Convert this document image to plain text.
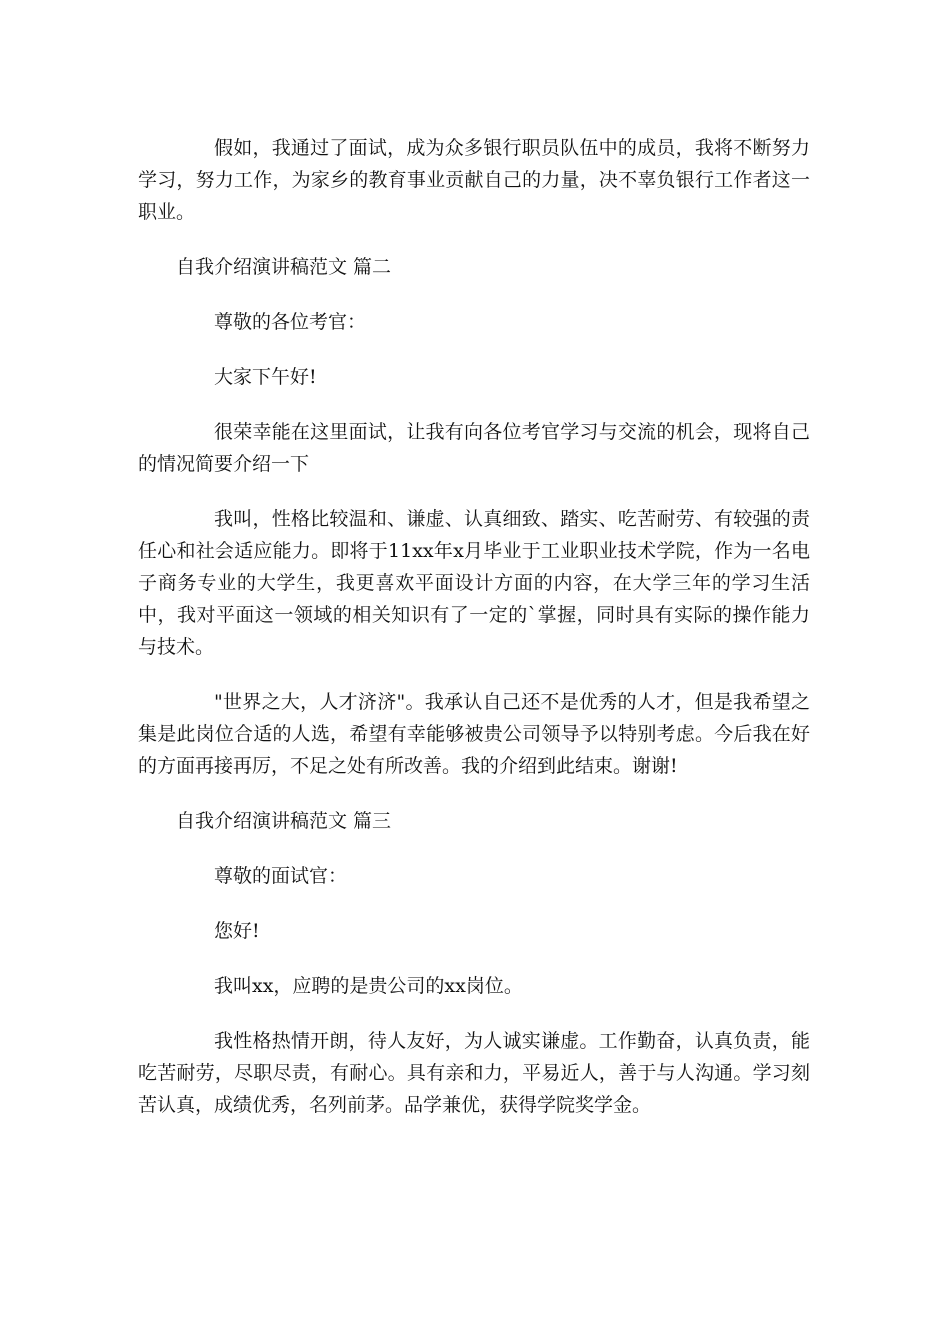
假如，我通过了面试，成为众多银行职员队伍中的成员，我将不断努力学习，努力工作，为家乡的教育事业贡献自己的力量，决不辜负银行工作者这一职业。

自我介绍演讲稿范文 篇二

尊敬的各位考官：

大家下午好!

很荣幸能在这里面试，让我有向各位考官学习与交流的机会，现将自己的情况简要介绍一下

我叫，性格比较温和、谦虚、认真细致、踏实、吃苦耐劳、有较强的责任心和社会适应能力。即将于11xx年x月毕业于工业职业技术学院，作为一名电子商务专业的大学生，我更喜欢平面设计方面的内容，在大学三年的学习生活中，我对平面这一领域的相关知识有了一定的`掌握，同时具有实际的操作能力与技术。

"世界之大，人才济济"。我承认自己还不是优秀的人才，但是我希望之集是此岗位合适的人选，希望有幸能够被贵公司领导予以特别考虑。今后我在好的方面再接再厉，不足之处有所改善。我的介绍到此结束。谢谢!

自我介绍演讲稿范文 篇三

尊敬的面试官：

您好!

我叫xx，应聘的是贵公司的xx岗位。

我性格热情开朗，待人友好，为人诚实谦虚。工作勤奋，认真负责，能吃苦耐劳，尽职尽责，有耐心。具有亲和力，平易近人，善于与人沟通。学习刻苦认真，成绩优秀，名列前茅。品学兼优，获得学院奖学金。
